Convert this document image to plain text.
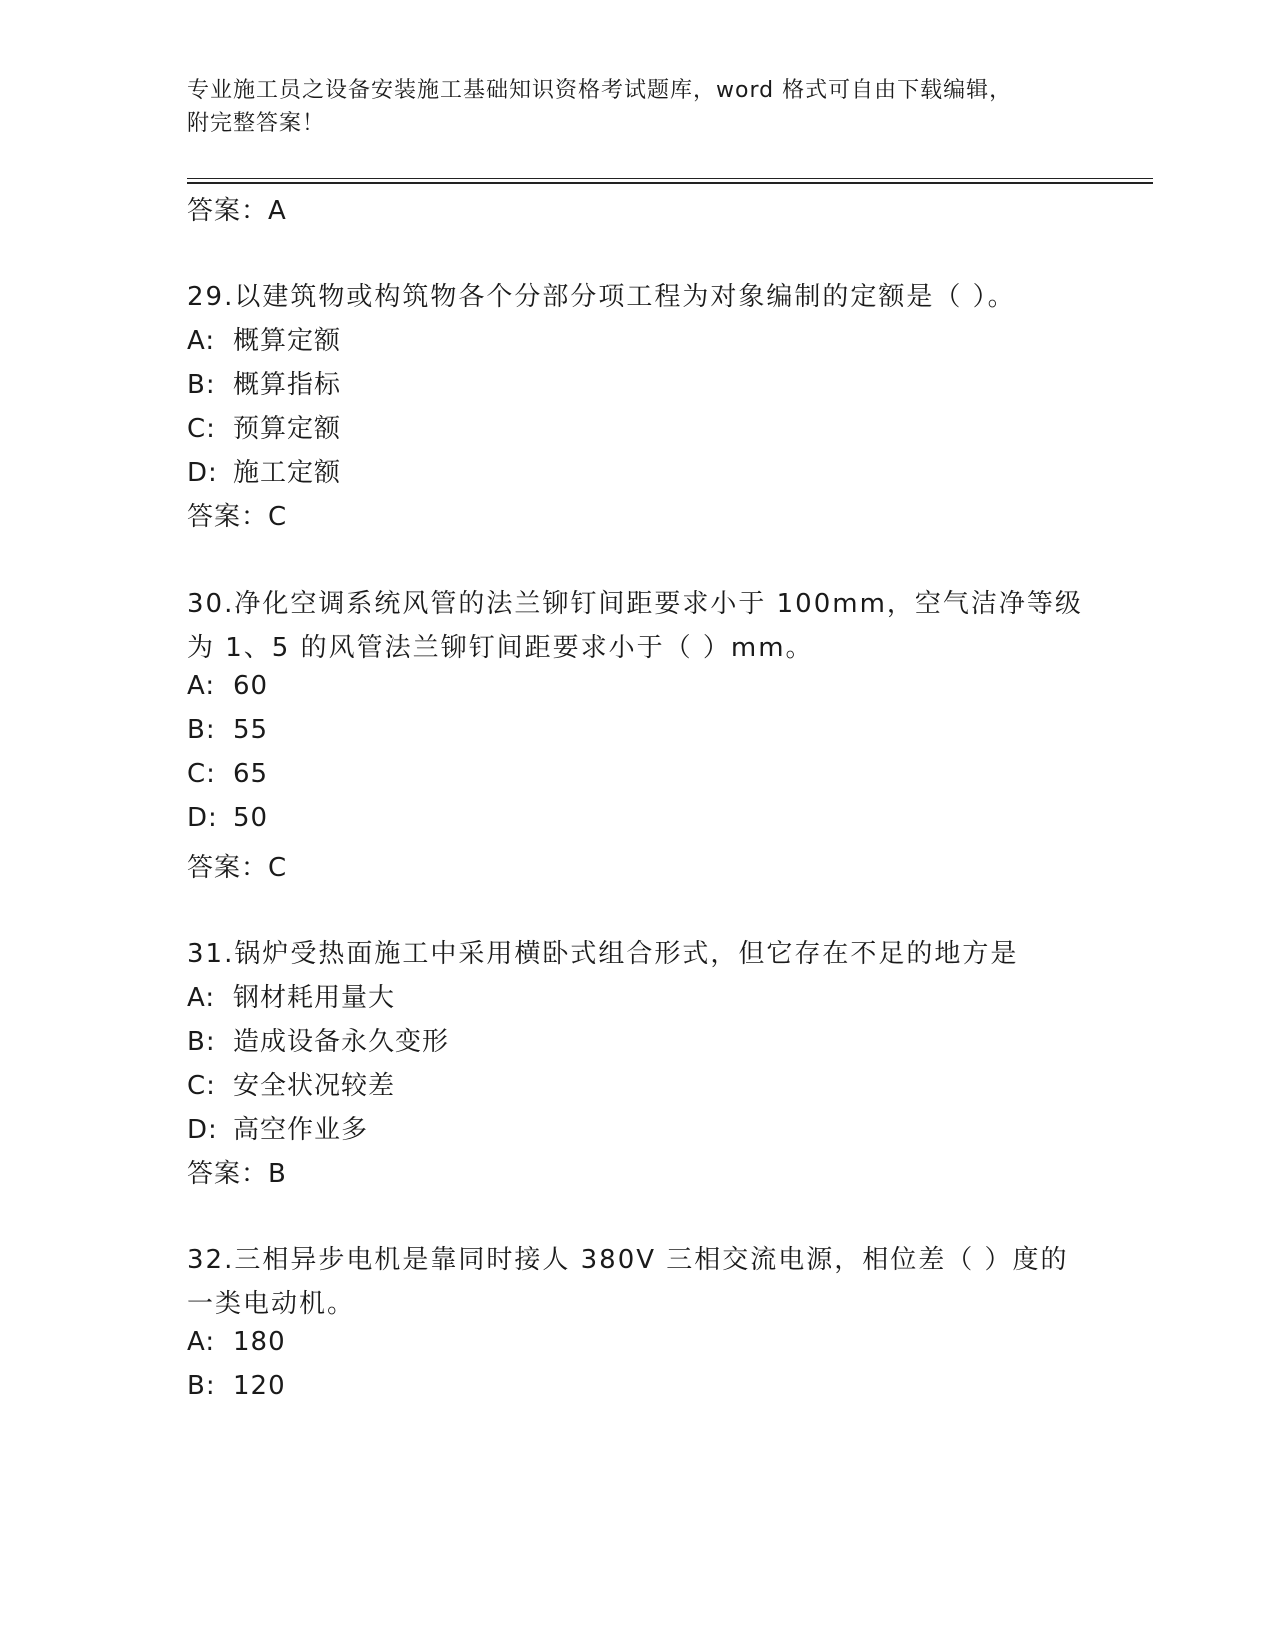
专业施工员之设备安装施工基础知识资格考试题库，word 格式可自由下载编辑，
附完整答案！
答案：A
29.以建筑物或构筑物各个分部分项工程为对象编制的定额是（ ）。
A: 概算定额
B: 概算指标
C: 预算定额
D: 施工定额
答案：C
30.净化空调系统风管的法兰铆钉间距要求小于 100mm，空气洁净等级
为 1、5 的风管法兰铆钉间距要求小于（ ）mm。
A: 60
B: 55
C: 65
D: 50
答案：C
31.锅炉受热面施工中采用横卧式组合形式，但它存在不足的地方是
A: 钢材耗用量大
B: 造成设备永久变形
C: 安全状况较差
D: 高空作业多
答案：B
32.三相异步电机是靠同时接人 380V 三相交流电源，相位差（ ）度的
一类电动机。
A: 180
B: 120
